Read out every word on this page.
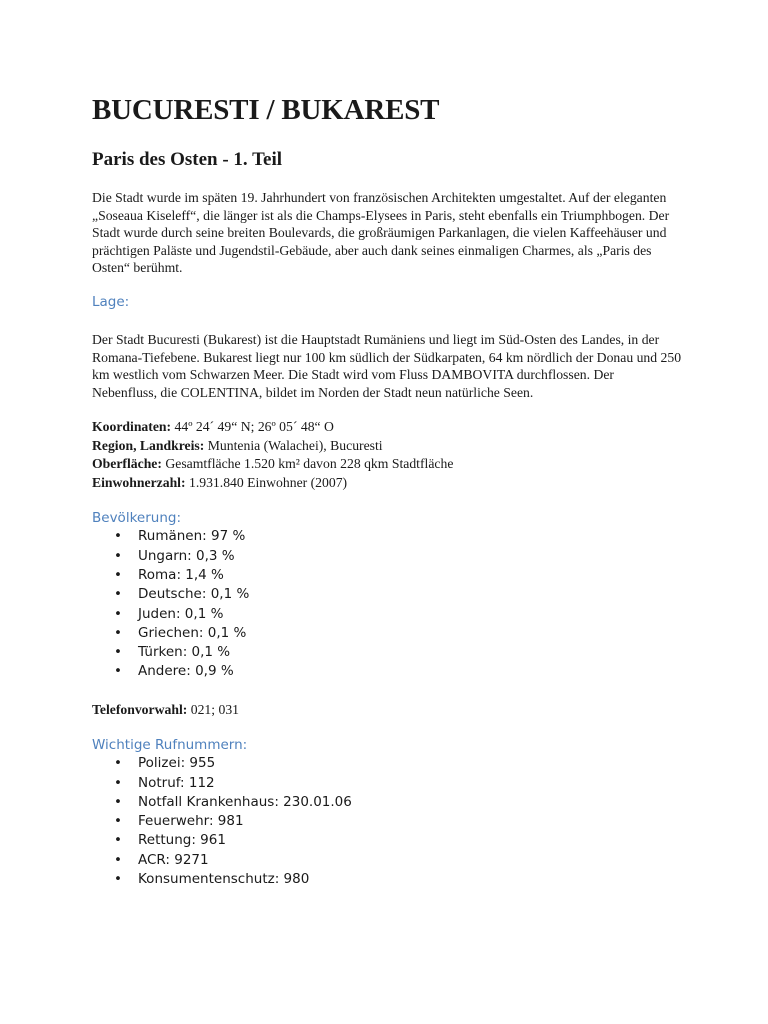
BUCURESTI / BUKAREST
Paris des Osten - 1. Teil

Die Stadt wurde im späten 19. Jahrhundert von französischen Architekten umgestaltet. Auf der eleganten „Soseaua Kiseleff“, die länger ist als die Champs-Elysees in Paris, steht ebenfalls ein Triumphbogen. Der Stadt wurde durch seine breiten Boulevards, die großräumigen Parkanlagen, die vielen Kaffeehäuser und prächtigen Paläste und Jugendstil-Gebäude, aber auch dank seines einmaligen Charmes, als „Paris des Osten“ berühmt.

Lage:

Der Stadt Bucuresti (Bukarest) ist die Hauptstadt Rumäniens und liegt im Süd-Osten des Landes, in der Romana-Tiefebene. Bukarest liegt nur 100 km südlich der Südkarpaten, 64 km nördlich der Donau und 250 km westlich vom Schwarzen Meer. Die Stadt wird vom Fluss DAMBOVITA durchflossen. Der Nebenfluss, die COLENTINA, bildet im Norden der Stadt neun natürliche Seen.

Koordinaten: 44º 24´ 49“ N; 26º 05´ 48“ O

Region, Landkreis: Muntenia (Walachei), Bucuresti

Oberfläche: Gesamtfläche 1.520 km² davon 228 qkm Stadtfläche

Einwohnerzahl: 1.931.840 Einwohner (2007)

Bevölkerung:

• Rumänen: 97 %
• Ungarn: 0,3 %
• Roma: 1,4 %
• Deutsche: 0,1 %
• Juden: 0,1 %
• Griechen: 0,1 %
• Türken: 0,1 %
• Andere: 0,9 %

Telefonvorwahl: 021; 031

Wichtige Rufnummern:

• Polizei: 955
• Notruf: 112
• Notfall Krankenhaus: 230.01.06
• Feuerwehr: 981
• Rettung: 961
• ACR: 9271
• Konsumentenschutz: 980
